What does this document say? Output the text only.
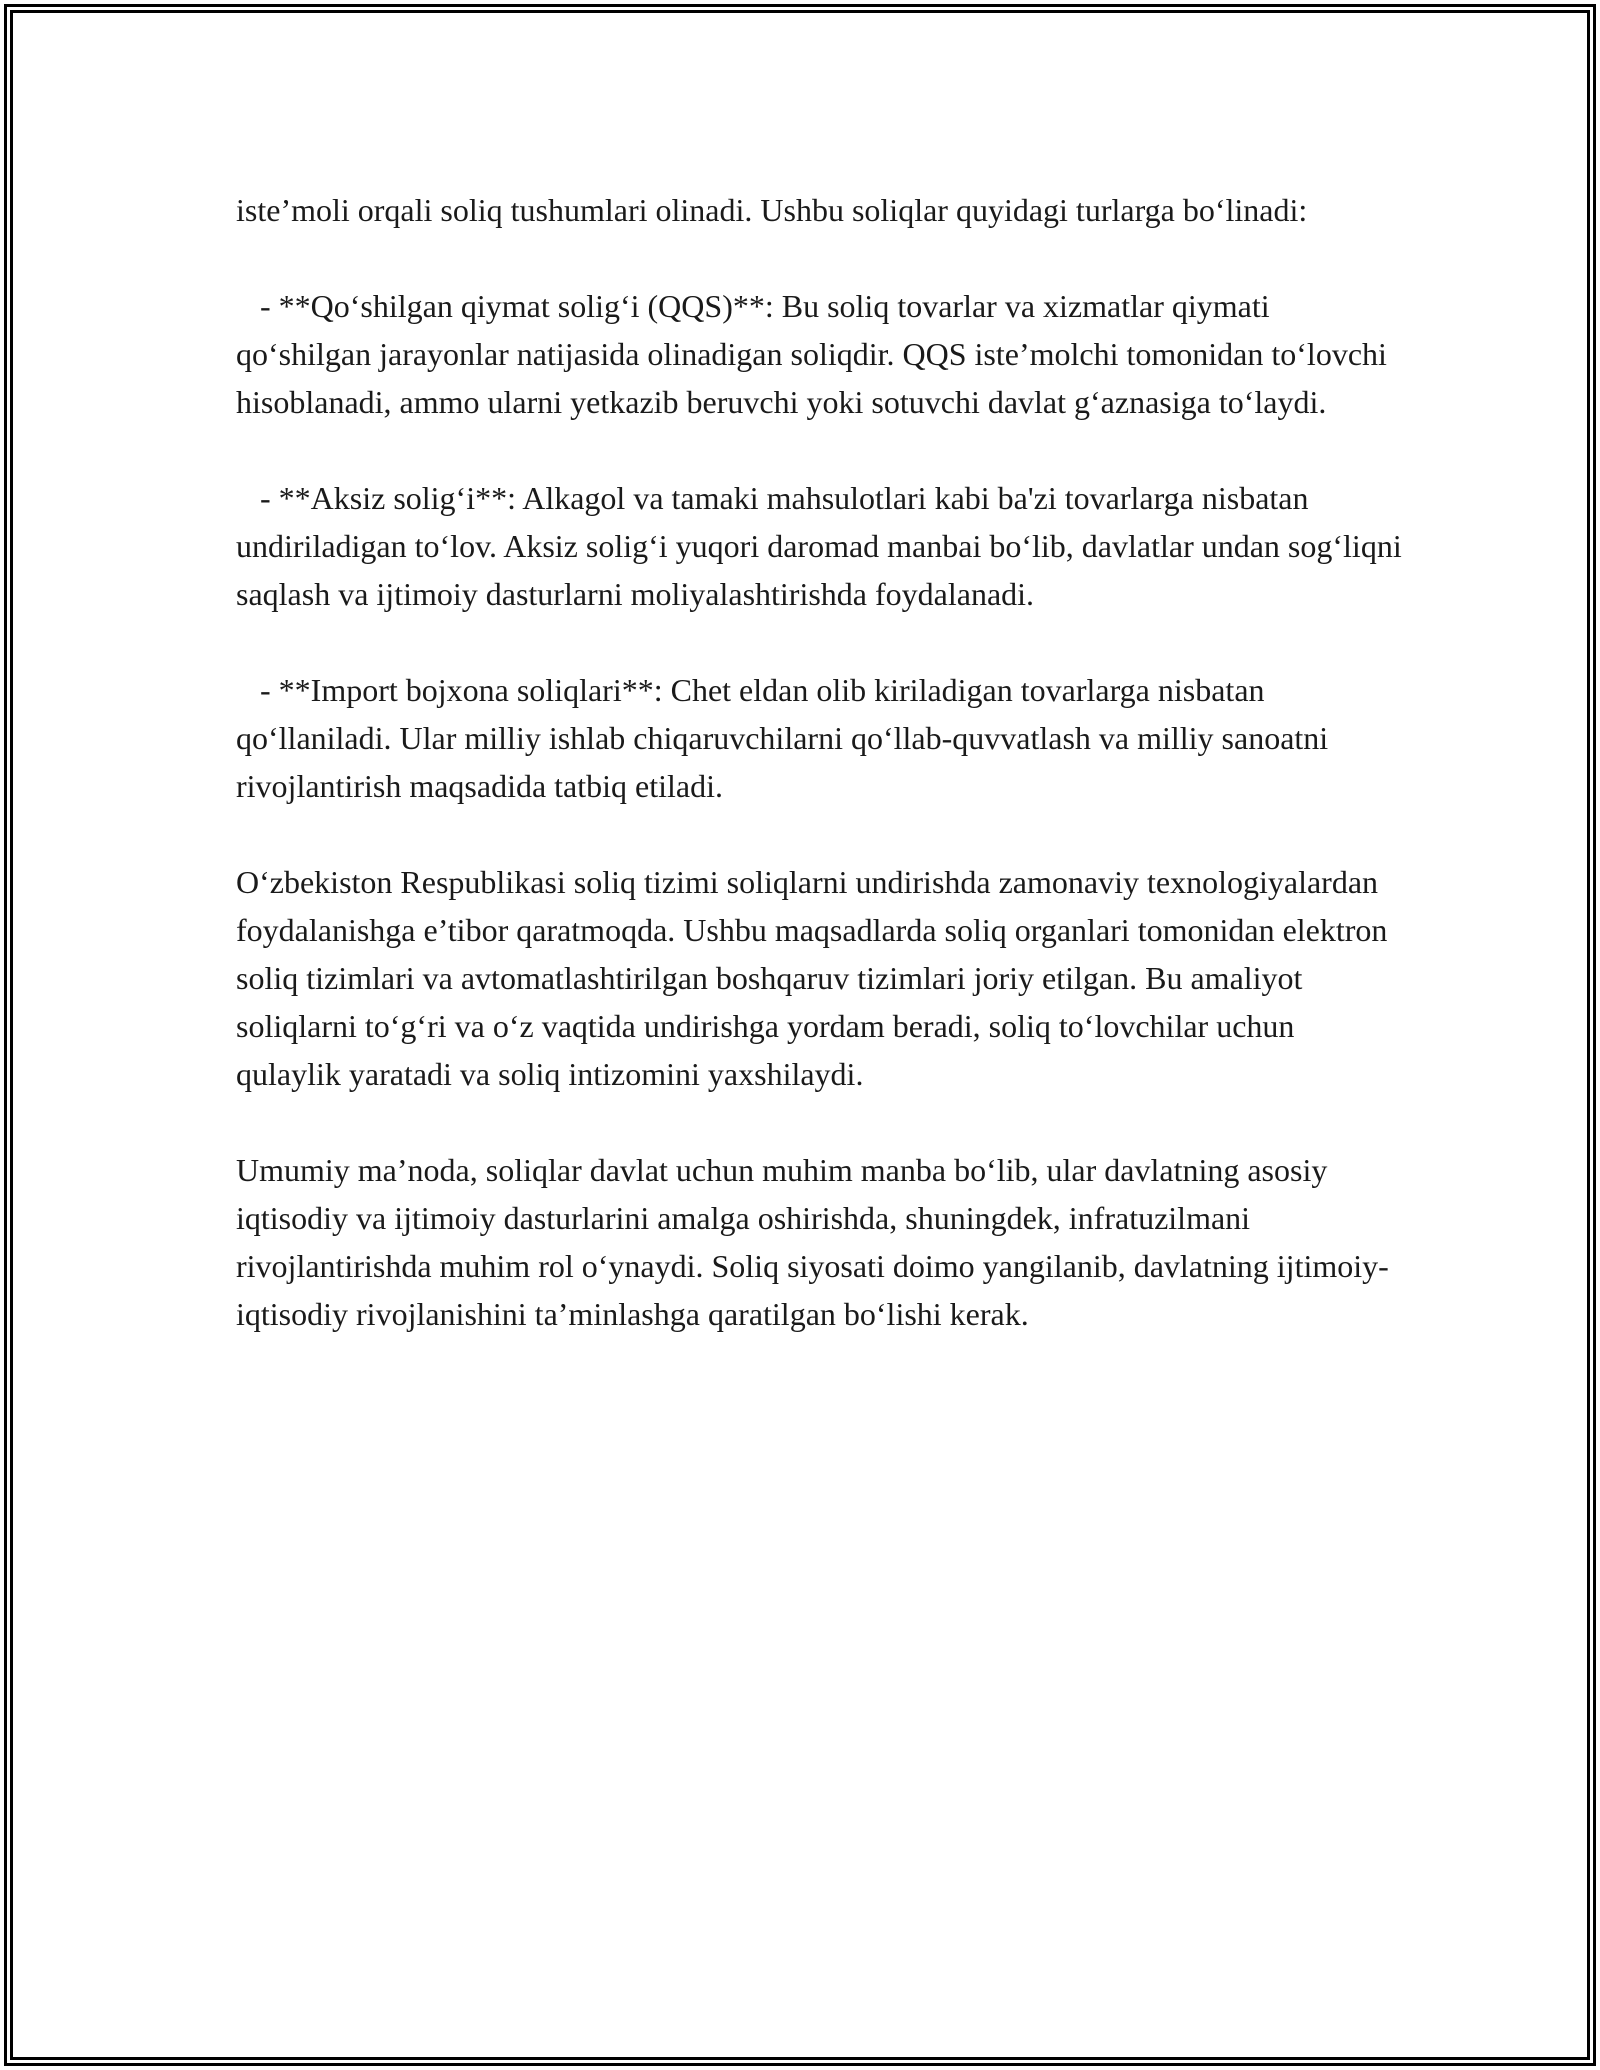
iste’moli orqali soliq tushumlari olinadi. Ushbu soliqlar quyidagi turlarga bo‘linadi:

- **Qo‘shilgan qiymat solig‘i (QQS)**: Bu soliq tovarlar va xizmatlar qiymati qo‘shilgan jarayonlar natijasida olinadigan soliqdir. QQS iste’molchi tomonidan to‘lovchi hisoblanadi, ammo ularni yetkazib beruvchi yoki sotuvchi davlat g‘aznasiga to‘laydi.

- **Aksiz solig‘i**: Alkagol va tamaki mahsulotlari kabi ba'zi tovarlarga nisbatan undiriladigan to‘lov. Aksiz solig‘i yuqori daromad manbai bo‘lib, davlatlar undan sog‘liqni saqlash va ijtimoiy dasturlarni moliyalashtirishda foydalanadi.

- **Import bojxona soliqlari**: Chet eldan olib kiriladigan tovarlarga nisbatan qo‘llaniladi. Ular milliy ishlab chiqaruvchilarni qo‘llab-quvvatlash va milliy sanoatni rivojlantirish maqsadida tatbiq etiladi.

O‘zbekiston Respublikasi soliq tizimi soliqlarni undirishda zamonaviy texnologiyalardan foydalanishga e’tibor qaratmoqda. Ushbu maqsadlarda soliq organlari tomonidan elektron soliq tizimlari va avtomatlashtirilgan boshqaruv tizimlari joriy etilgan. Bu amaliyot soliqlarni to‘g‘ri va o‘z vaqtida undirishga yordam beradi, soliq to‘lovchilar uchun qulaylik yaratadi va soliq intizomini yaxshilaydi.

Umumiy ma’noda, soliqlar davlat uchun muhim manba bo‘lib, ular davlatning asosiy iqtisodiy va ijtimoiy dasturlarini amalga oshirishda, shuningdek, infratuzilmani rivojlantirishda muhim rol o‘ynaydi. Soliq siyosati doimo yangilanib, davlatning ijtimoiy-iqtisodiy rivojlanishini ta’minlashga qaratilgan bo‘lishi kerak.
